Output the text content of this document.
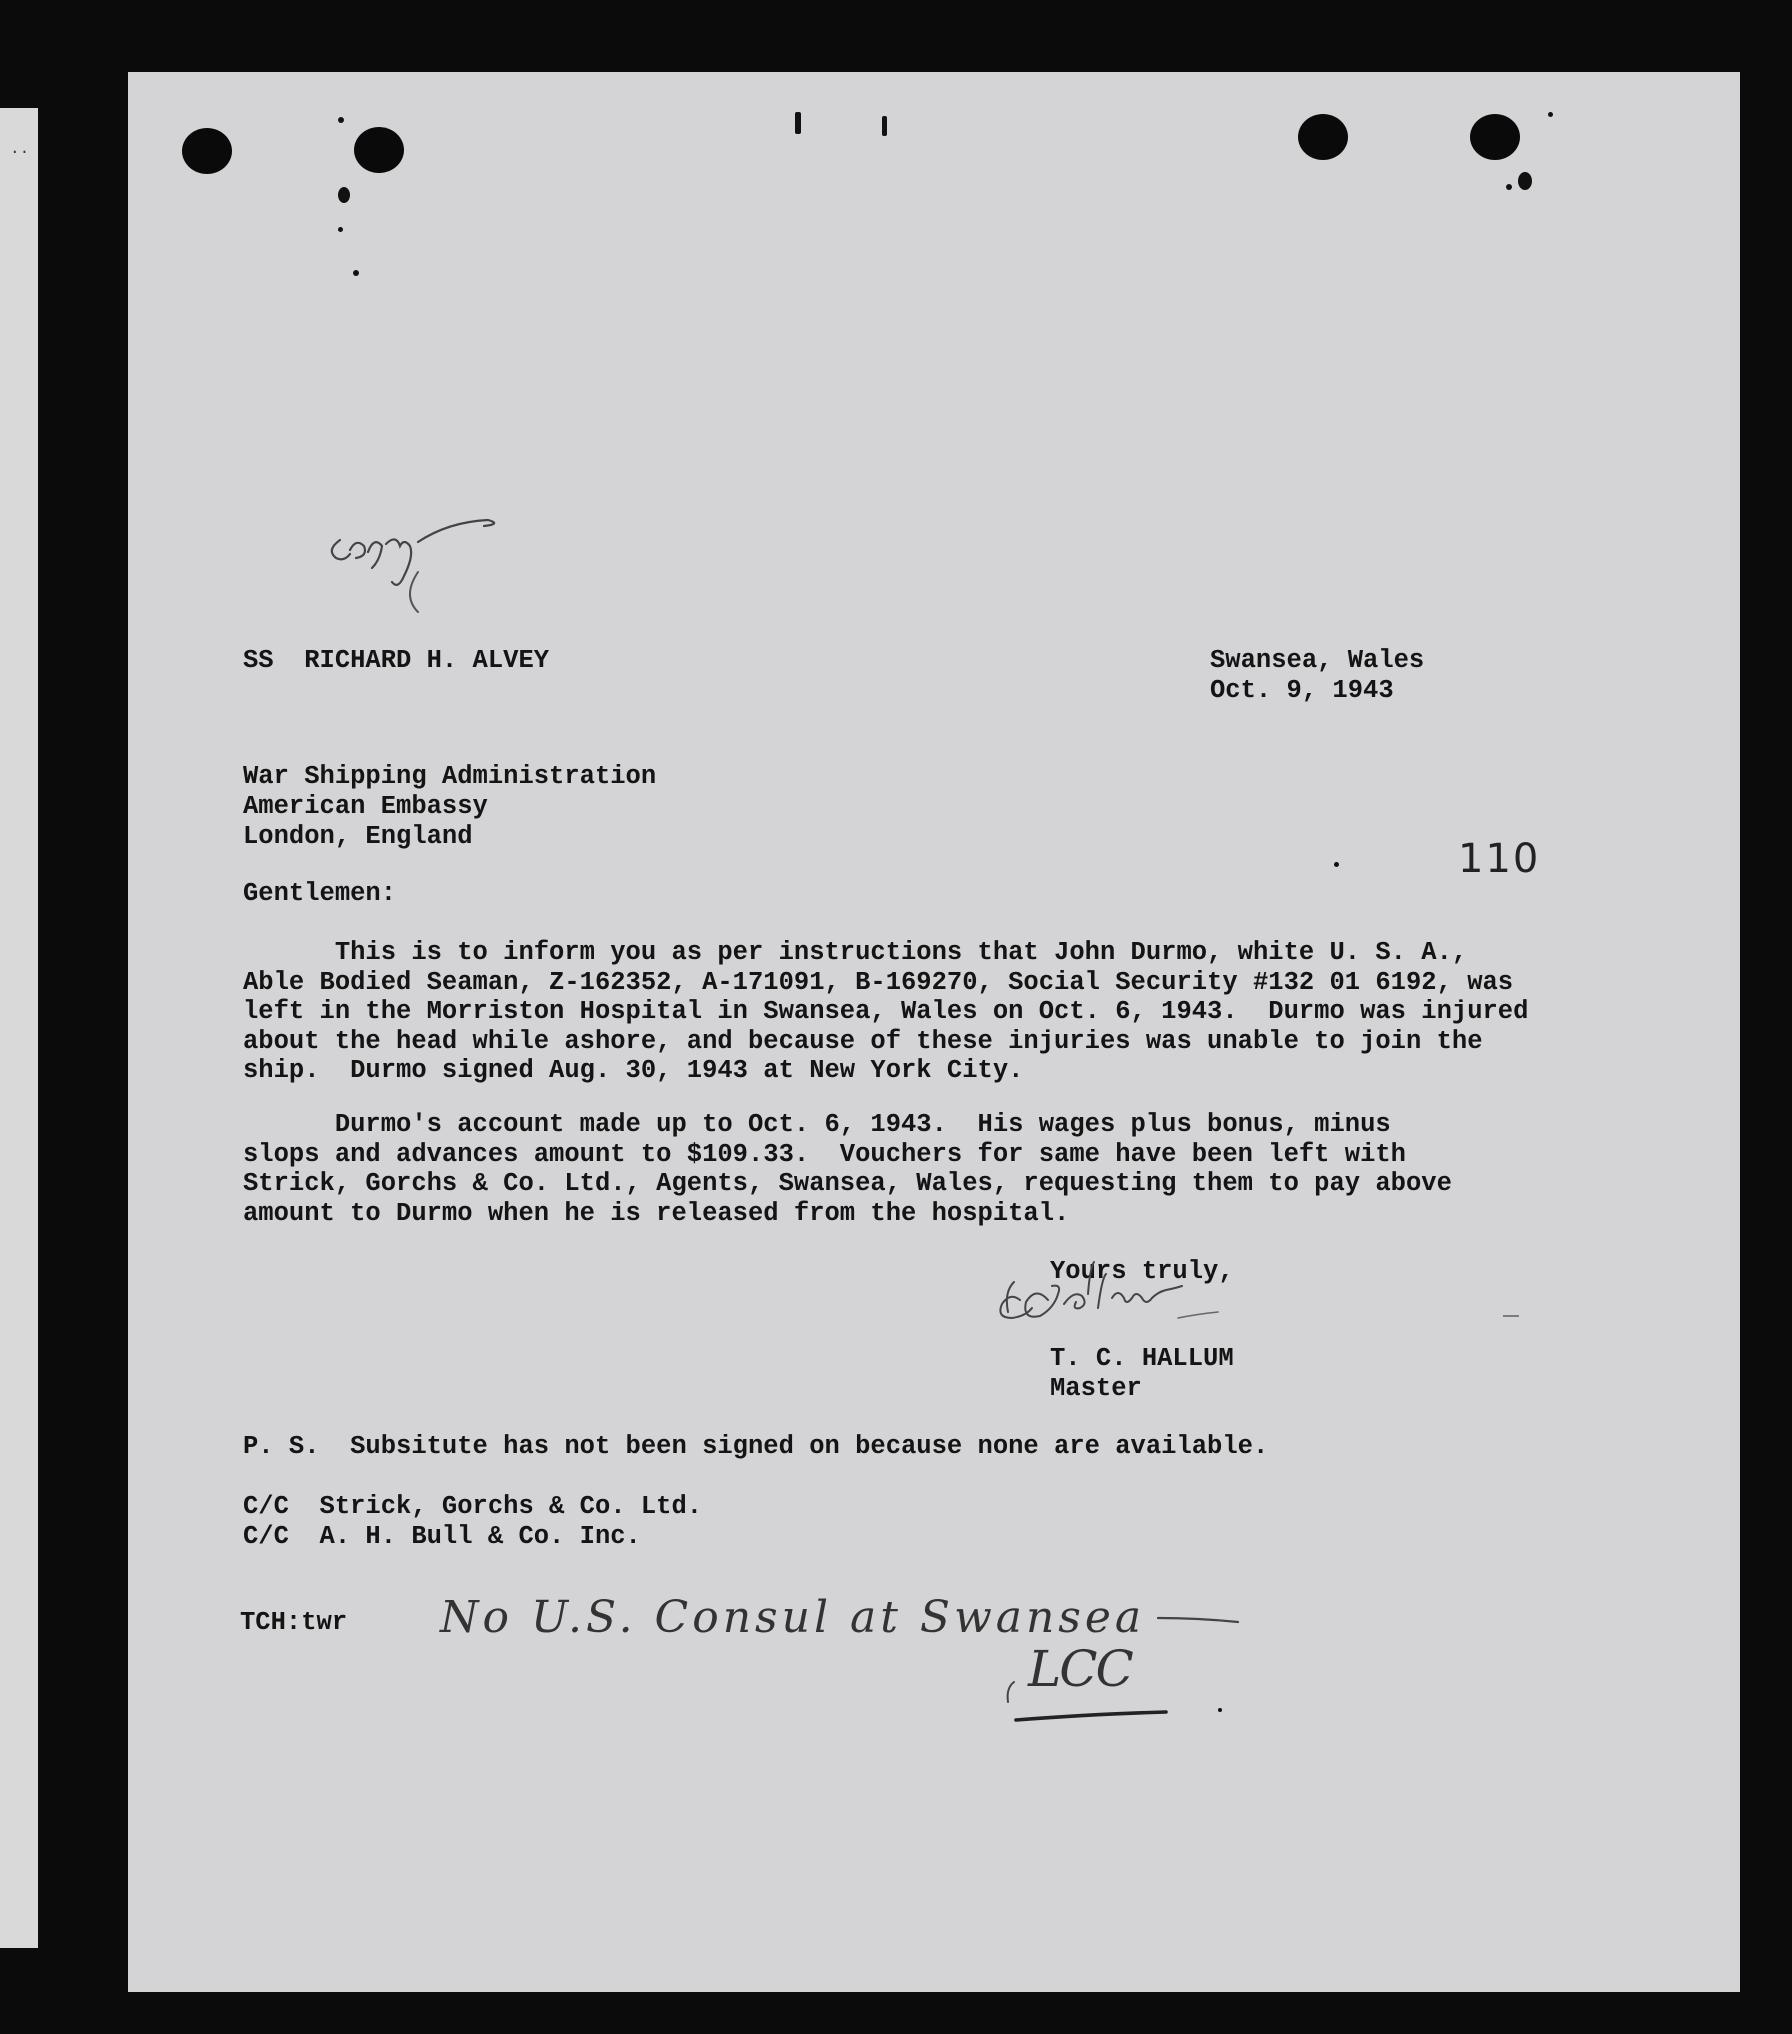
··

SS  RICHARD H. ALVEY	Swansea, Wales

Oct. 9, 1943

War Shipping Administration

American Embassy

London, England	110

Gentlemen:

This is to inform you as per instructions that John Durmo, white U. S. A.,
Able Bodied Seaman, Z-162352, A-171091, B-169270, Social Security #132 01 6192, was
left in the Morriston Hospital in Swansea, Wales on Oct. 6, 1943.  Durmo was injured
about the head while ashore, and because of these injuries was unable to join the
ship.  Durmo signed Aug. 30, 1943 at New York City.
Durmo's account made up to Oct. 6, 1943.  His wages plus bonus, minus
slops and advances amount to $109.33.  Vouchers for same have been left with
Strick, Gorchs & Co. Ltd., Agents, Swansea, Wales, requesting them to pay above
amount to Durmo when he is released from the hospital.

Yours truly,

T. C. HALLUM

Master

P. S.  Subsitute has not been signed on because none are available.

C/C  Strick, Gorchs & Co. Ltd.

C/C  A. H. Bull & Co. Inc.

TCH:twr No U.S. Consul at Swansea
LCC
